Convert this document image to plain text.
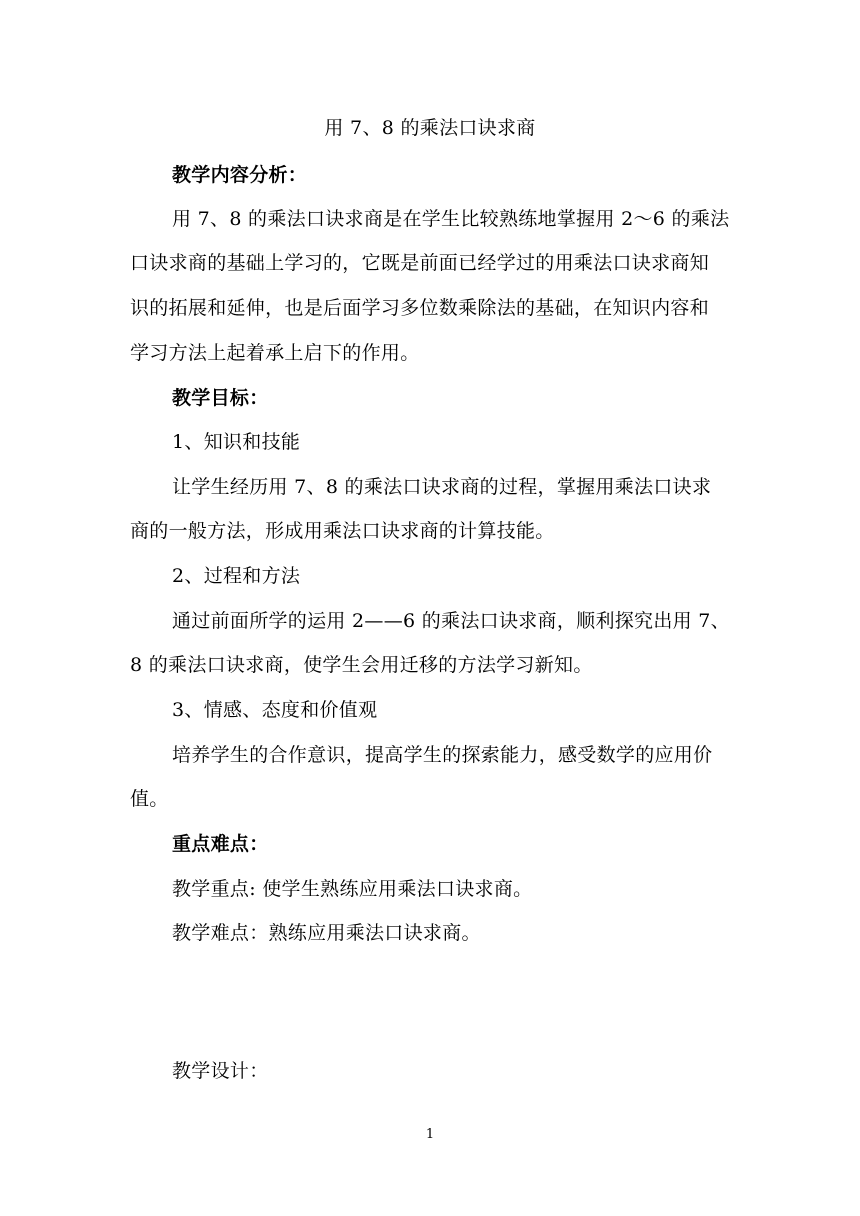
用 7、8 的乘法口诀求商
教学内容分析：
用 7、8 的乘法口诀求商是在学生比较熟练地掌握用 2～6 的乘法
口诀求商的基础上学习的，它既是前面已经学过的用乘法口诀求商知
识的拓展和延伸，也是后面学习多位数乘除法的基础，在知识内容和
学习方法上起着承上启下的作用。
教学目标：
1、知识和技能
让学生经历用 7、8 的乘法口诀求商的过程，掌握用乘法口诀求
商的一般方法，形成用乘法口诀求商的计算技能。
2、过程和方法
通过前面所学的运用 2——6 的乘法口诀求商，顺利探究出用 7、
8 的乘法口诀求商，使学生会用迁移的方法学习新知。
3、情感、态度和价值观
培养学生的合作意识，提高学生的探索能力，感受数学的应用价
值。
重点难点：
教学重点: 使学生熟练应用乘法口诀求商。
教学难点：熟练应用乘法口诀求商。
教学设计：
1
